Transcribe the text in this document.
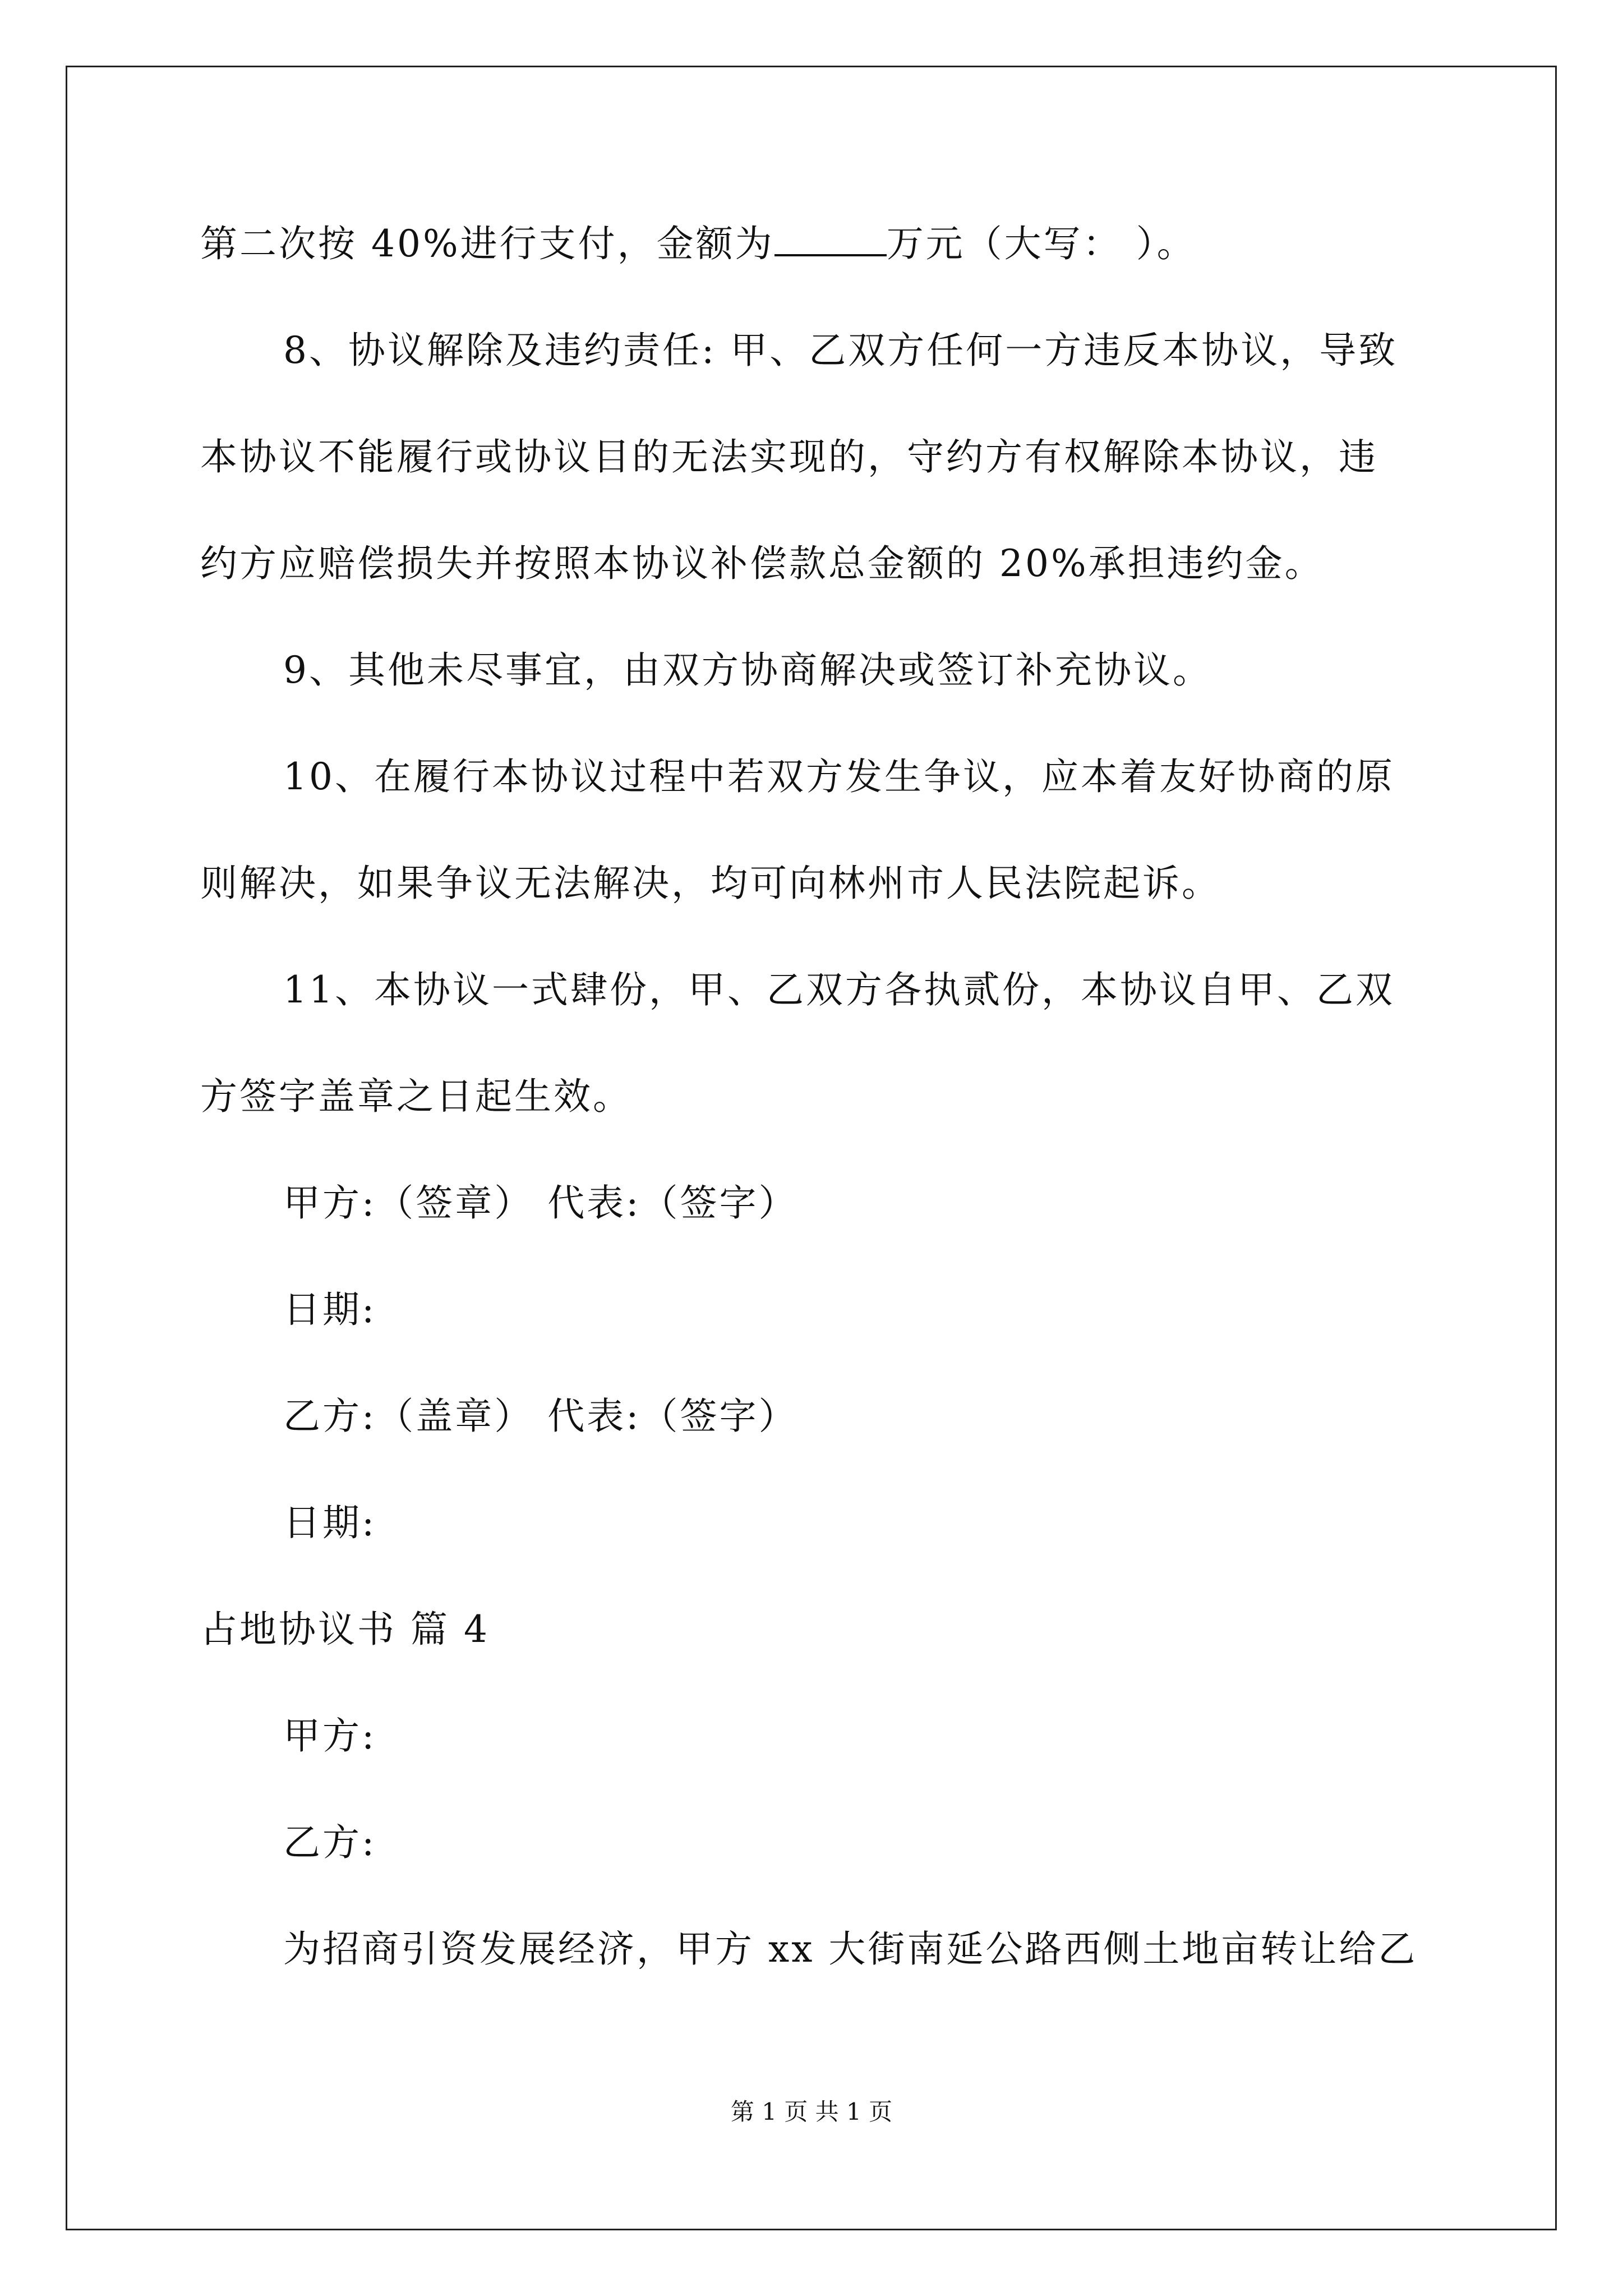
第二次按 40%进行支付，金额为	万元（大写： ）。
8、协议解除及违约责任: 甲、乙双方任何一方违反本协议，导致
本协议不能履行或协议目的无法实现的，守约方有权解除本协议，违
约方应赔偿损失并按照本协议补偿款总金额的 20%承担违约金。
9、其他未尽事宜，由双方协商解决或签订补充协议。
10、在履行本协议过程中若双方发生争议，应本着友好协商的原
则解决，如果争议无法解决，均可向林州市人民法院起诉。
11、本协议一式肆份，甲、乙双方各执贰份，本协议自甲、乙双
方签字盖章之日起生效。
甲方:（签章） 代表:（签字）
日期:
乙方:（盖章） 代表:（签字）
日期:
占地协议书 篇 4
甲方:
乙方:
为招商引资发展经济，甲方 xx 大街南延公路西侧土地亩转让给乙
第 1 页 共 1 页
